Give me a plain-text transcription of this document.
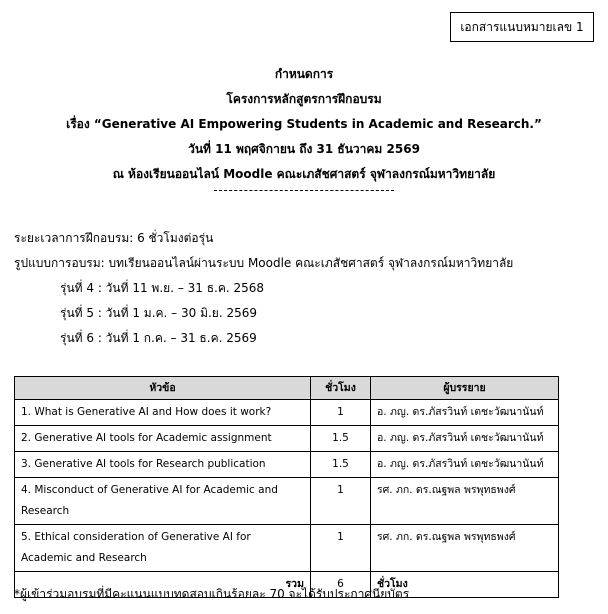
เอกสารแนบหมายเลข 1
กำหนดการ
โครงการหลักสูตรการฝึกอบรม
เรื่อง “Generative AI Empowering Students in Academic and Research.”
วันที่ 11 พฤศจิกายน ถึง 31 ธันวาคม 2569
ณ ห้องเรียนออนไลน์ Moodle คณะเภสัชศาสตร์ จุฬาลงกรณ์มหาวิทยาลัย
ระยะเวลาการฝึกอบรม: 6 ชั่วโมงต่อรุ่น
รูปแบบการอบรม: บทเรียนออนไลน์ผ่านระบบ Moodle คณะเภสัชศาสตร์ จุฬาลงกรณ์มหาวิทยาลัย
รุ่นที่ 4 : วันที่ 11 พ.ย. – 31 ธ.ค. 2568
รุ่นที่ 5 : วันที่ 1 ม.ค. – 30 มิ.ย. 2569
รุ่นที่ 6 : วันที่ 1 ก.ค. – 31 ธ.ค. 2569
หัวข้อ	ชั่วโมง	ผู้บรรยาย
1. What is Generative AI and How does it work?	1	อ. ภญ. ดร.ภัสรวินท์ เตชะวัฒนานันท์
2. Generative AI tools for Academic assignment	1.5	อ. ภญ. ดร.ภัสรวินท์ เตชะวัฒนานันท์
3. Generative AI tools for Research publication	1.5	อ. ภญ. ดร.ภัสรวินท์ เตชะวัฒนานันท์
4. Misconduct of Generative AI for Academic and Research	1	รศ. ภก. ดร.ณฐพล พรพุทธพงศ์
5. Ethical consideration of Generative AI for Academic and Research	1	รศ. ภก. ดร.ณฐพล พรพุทธพงศ์
รวม	6	ชั่วโมง
*ผู้เข้าร่วมอบรมที่มีคะแนนแบบทดสอบเกินร้อยละ 70 จะได้รับประกาศนียบัตร
